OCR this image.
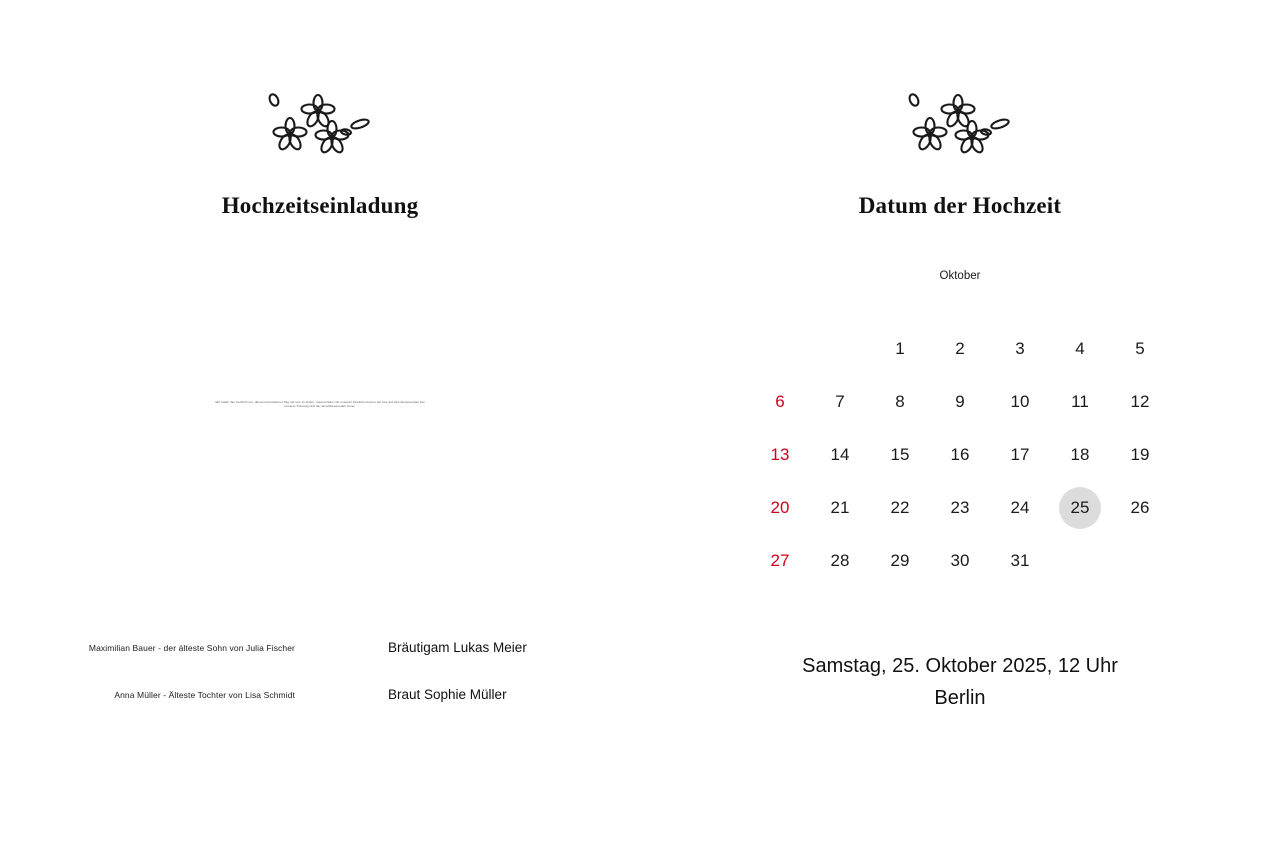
Hochzeitseinladung
Wir laden Sie herzlich ein, diesen besonderen Tag mit uns zu feiern. Gemeinsam mit unseren Familien freuen wir uns auf Ihre Anwesenheit bei unserer Trauung und der anschliessenden Feier.
Maximilian Bauer - der älteste Sohn von Julia Fischer	Bräutigam Lukas Meier
Anna Müller - Älteste Tochter von Lisa Schmidt	Braut Sophie Müller
Datum der Hochzeit
Oktober
		1	2	3	4	5
6	7	8	9	10	11	12
13	14	15	16	17	18	19
20	21	22	23	24	25	26
27	28	29	30	31		
Samstag, 25. Oktober 2025, 12 Uhr
Berlin
